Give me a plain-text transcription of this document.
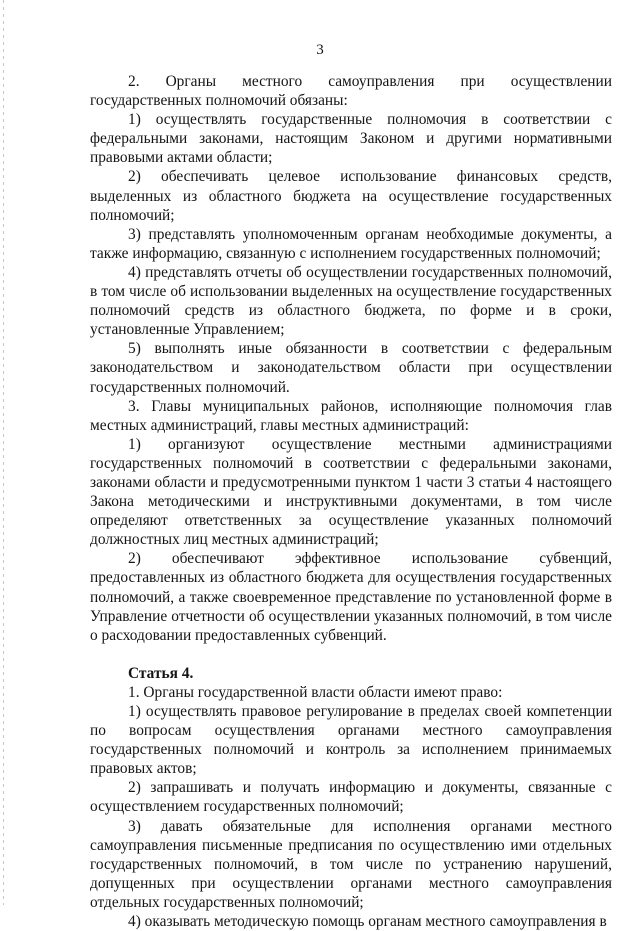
3

2. Органы местного самоуправления при осуществлении государственных полномочий обязаны:

1) осуществлять государственные полномочия в соответствии с федеральными законами, настоящим Законом и другими нормативными правовыми актами области;

2) обеспечивать целевое использование финансовых средств, выделенных из областного бюджета на осуществление государственных полномочий;

3) представлять уполномоченным органам необходимые документы, а также информацию, связанную с исполнением государственных полномочий;

4) представлять отчеты об осуществлении государственных полномочий, в том числе об использовании выделенных на осуществление государственных полномочий средств из областного бюджета, по форме и в сроки, установленные Управлением;

5) выполнять иные обязанности в соответствии с федеральным законодательством и законодательством области при осуществлении государственных полномочий.

3. Главы муниципальных районов, исполняющие полномочия глав местных администраций, главы местных администраций:

1) организуют осуществление местными администрациями государственных полномочий в соответствии с федеральными законами, законами области и предусмотренными пунктом 1 части 3 статьи 4 настоящего Закона методическими и инструктивными документами, в том числе определяют ответственных за осуществление указанных полномочий должностных лиц местных администраций;

2) обеспечивают эффективное использование субвенций, предоставленных из областного бюджета для осуществления государственных полномочий, а также своевременное представление по установленной форме в Управление отчетности об осуществлении указанных полномочий, в том числе о расходовании предоставленных субвенций.

Статья 4.

1. Органы государственной власти области имеют право:

1) осуществлять правовое регулирование в пределах своей компетенции по вопросам осуществления органами местного самоуправления государственных полномочий и контроль за исполнением принимаемых правовых актов;

2) запрашивать и получать информацию и документы, связанные с осуществлением государственных полномочий;

3) давать обязательные для исполнения органами местного самоуправления письменные предписания по осуществлению ими отдельных государственных полномочий, в том числе по устранению нарушений, допущенных при осуществлении органами местного самоуправления отдельных государственных полномочий;

4) оказывать методическую помощь органам местного самоуправления в
